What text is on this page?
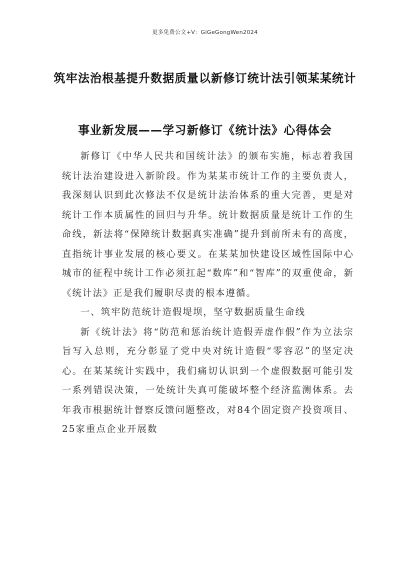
更多免费公文+V：GiGeGongWen2024
筑牢法治根基提升数据质量以新修订统计法引领某某统计
事业新发展——学习新修订《统计法》心得体会

新修订《中华人民共和国统计法》的颁布实施，标志着我国统计法治建设进入新阶段。作为某某市统计工作的主要负责人，我深刻认识到此次修法不仅是统计法治体系的重大完善，更是对统计工作本质属性的回归与升华。统计数据质量是统计工作的生命线，新法将“保障统计数据真实准确”提升到前所未有的高度，直指统计事业发展的核心要义。在某某加快建设区域性国际中心城市的征程中统计工作必须扛起“数库”和“智库”的双重使命，新《统计法》正是我们履职尽责的根本遵循。

一、筑牢防范统计造假堤坝，坚守数据质量生命线

新《统计法》将“防范和惩治统计造假弄虚作假”作为立法宗旨写入总则，充分彰显了党中央对统计造假“零容忍”的坚定决心。在某某统计实践中，我们痛切认识到一个虚假数据可能引发一系列错误决策，一处统计失真可能破坏整个经济监测体系。去年我市根据统计督察反馈问题整改，对84个固定资产投资项目、25家重点企业开展数
